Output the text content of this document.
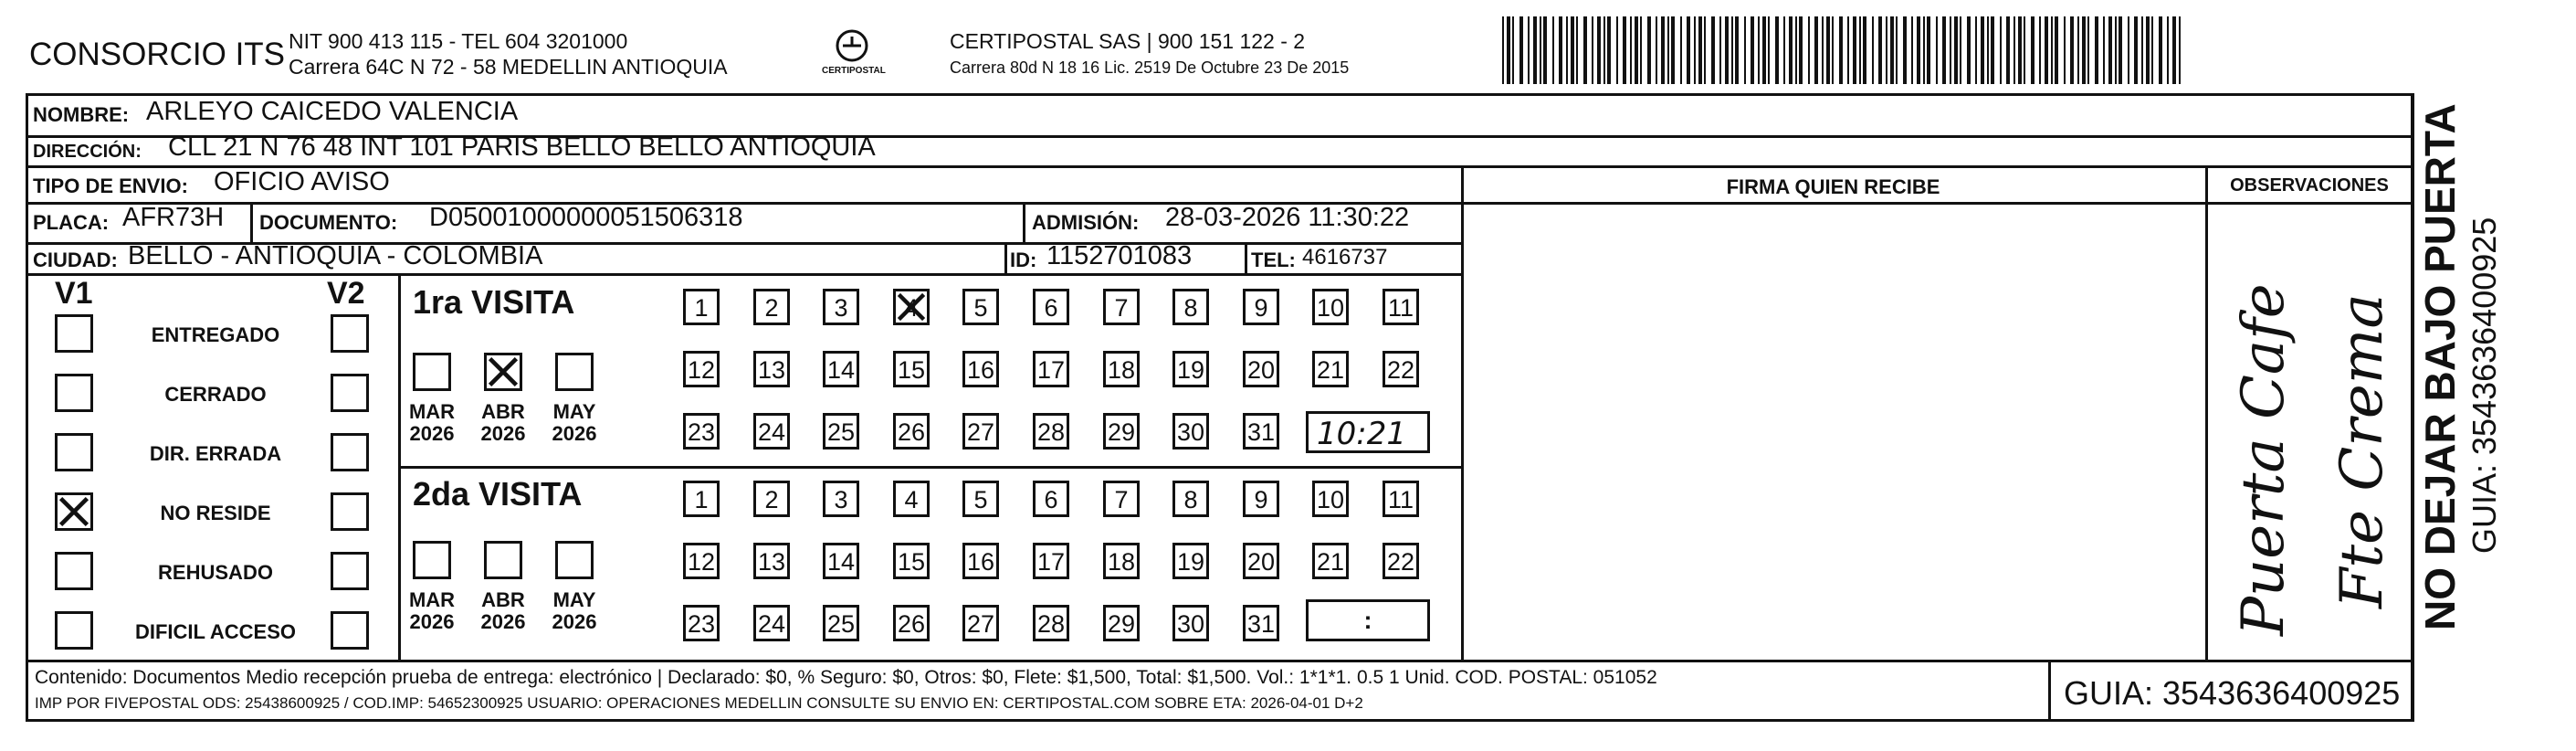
CONSORCIO ITS NIT 900 413 115 - TEL 604 3201000
Carrera 64C N 72 - 58 MEDELLIN ANTIOQUIA	CERTIPOSTAL
CERTIPOSTAL SAS | 900 151 122 - 2
Carrera 80d N 18 16 Lic. 2519 De Octubre 23 De 2015
NOMBRE: ARLEYO CAICEDO VALENCIA
DIRECCIÓN: CLL 21 N 76 48 INT 101 PARIS BELLO BELLO ANTIOQUIA
TIPO DE ENVIO: OFICIO AVISO	FIRMA QUIEN RECIBE	OBSERVACIONES
PLACA: AFR73H DOCUMENTO: D05001000000051506318	ADMISIÓN: 28-03-2026 11:30:22
CIUDAD: BELLO - ANTIOQUIA - COLOMBIA	ID: 1152701083	TEL: 4616737
V1	V2
ENTREGADO
CERRADO
DIR. ERRADA
NO RESIDE
REHUSADO
DIFICIL ACCESO
1ra VISITA
MAR
2026
ABR
2026
MAY
2026
1	2	3	4	5	6	7	8	9	10 11
12 13 14 15 16 17 18 19 20 21 22
23 24 25 26 27 28 29 30 31 10:21
2da VISITA
MAR
2026
ABR
2026
MAY
2026
1	2	3	4	5	6	7	8	9	10 11
12 13 14 15 16 17 18 19 20 21 22
23 24 25 26 27 28 29 30 31	:	Puerta Cafe Fte Crema NO DEJAR BAJO PUERTA GUIA: 3543636400925
Contenido: Documentos Medio recepción prueba de entrega: electrónico | Declarado: $0, % Seguro: $0, Otros: $0, Flete: $1,500, Total: $1,500. Vol.: 1*1*1. 0.5 1 Unid. COD. POSTAL: 051052
IMP POR FIVEPOSTAL ODS: 25438600925 / COD.IMP: 54652300925 USUARIO: OPERACIONES MEDELLIN CONSULTE SU ENVIO EN: CERTIPOSTAL.COM SOBRE ETA: 2026-04-01 D+2	GUIA: 3543636400925
